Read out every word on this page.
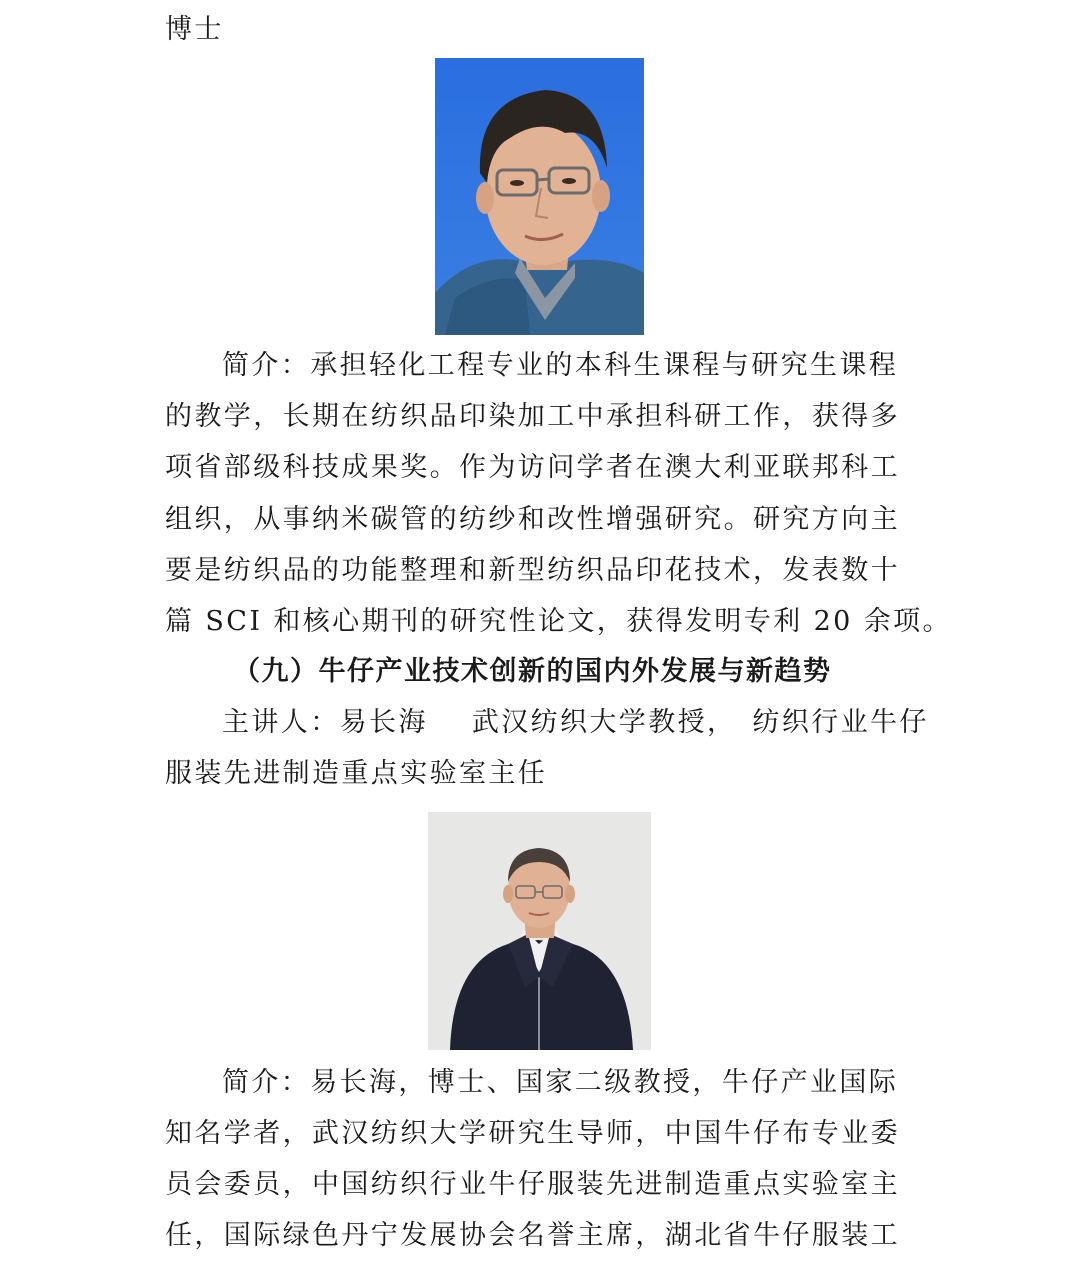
博士
简介：承担轻化工程专业的本科生课程与研究生课程
的教学，长期在纺织品印染加工中承担科研工作，获得多
项省部级科技成果奖。作为访问学者在澳大利亚联邦科工
组织，从事纳米碳管的纺纱和改性增强研究。研究方向主
要是纺织品的功能整理和新型纺织品印花技术，发表数十
篇 SCI 和核心期刊的研究性论文，获得发明专利 20 余项。
（九）牛仔产业技术创新的国内外发展与新趋势
主讲人：易长海 武汉纺织大学教授， 纺织行业牛仔
服装先进制造重点实验室主任
简介：易长海，博士、国家二级教授，牛仔产业国际
知名学者，武汉纺织大学研究生导师，中国牛仔布专业委
员会委员，中国纺织行业牛仔服装先进制造重点实验室主
任，国际绿色丹宁发展协会名誉主席，湖北省牛仔服装工
